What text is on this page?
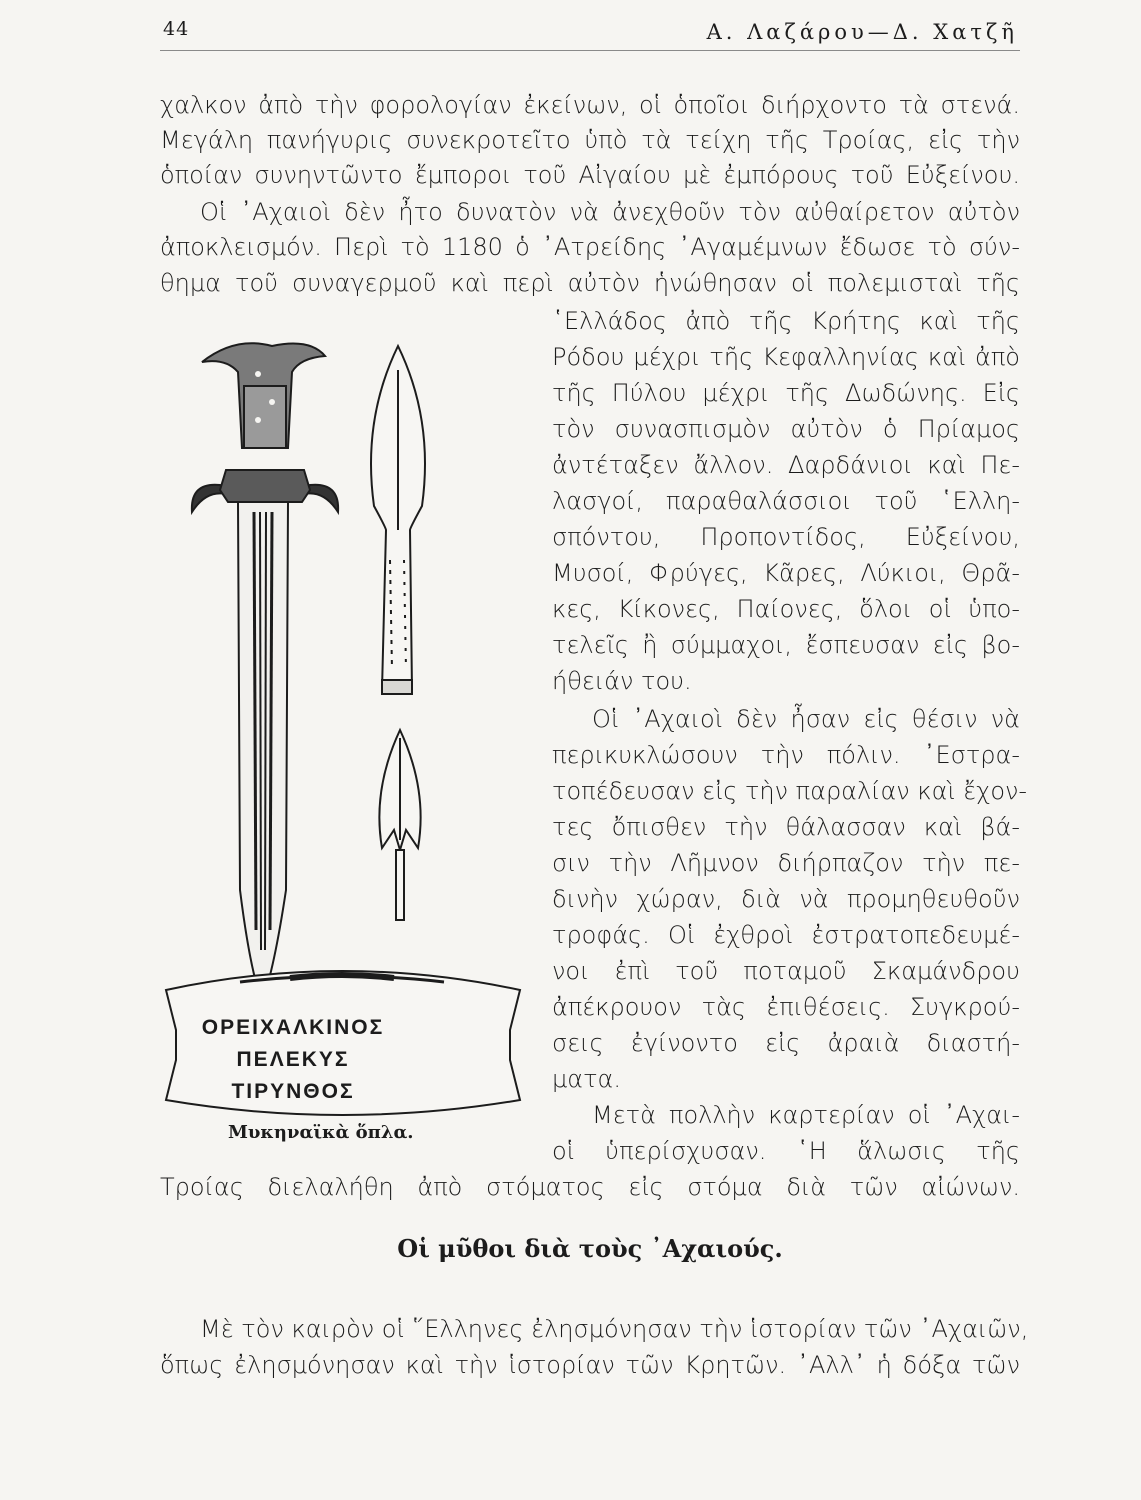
44	Α. Λαζάρου—Δ. Χατζῆ

χαλκον ἀπὸ τὴν φορολογίαν ἐκείνων, οἱ ὁποῖοι διήρχοντο τὰ στενά.

Μεγάλη πανήγυρις συνεκροτεῖτο ὑπὸ τὰ τείχη τῆς Τροίας, εἰς τὴν

ὁποίαν συνηντῶντο ἔμποροι τοῦ Αἰγαίου μὲ ἐμπόρους τοῦ Εὐξείνου.

Οἱ ᾿Αχαιοὶ δὲν ἦτο δυνατὸν νὰ ἀνεχθοῦν τὸν αὐθαίρετον αὐτὸν

ἀποκλεισμόν. Περὶ τὸ 1180 ὁ ᾿Ατρείδης ᾿Αγαμέμνων ἔδωσε τὸ σύν-

θημα τοῦ συναγερμοῦ καὶ περὶ αὐτὸν ἡνώθησαν οἱ πολεμισταὶ τῆς

῾Ελλάδος ἀπὸ τῆς Κρήτης καὶ τῆς

Ρόδου μέχρι τῆς Κεφαλληνίας καὶ ἀπὸ

τῆς Πύλου μέχρι τῆς Δωδώνης. Εἰς

τὸν συνασπισμὸν αὐτὸν ὁ Πρίαμος

ἀντέταξεν ἄλλον. Δαρδάνιοι καὶ Πε-

λασγοί, παραθαλάσσιοι τοῦ ῾Ελλη-

σπόντου, Προποντίδος, Εὐξείνου,

Μυσοί, Φρύγες, Κᾶρες, Λύκιοι, Θρᾶ-

κες, Κίκονες, Παίονες, ὅλοι οἱ ὑπο-

τελεῖς ἢ σύμμαχοι, ἔσπευσαν εἰς βο-

ήθειάν του.

Οἱ ᾿Αχαιοὶ δὲν ἦσαν εἰς θέσιν νὰ

περικυκλώσουν τὴν πόλιν. ᾿Εστρα-

τοπέδευσαν εἰς τὴν παραλίαν καὶ ἔχον-

τες ὄπισθεν τὴν θάλασσαν καὶ βά-

σιν τὴν Λῆμνον διήρπαζον τὴν πε-

δινὴν χώραν, διὰ νὰ προμηθευθοῦν

τροφάς. Οἱ ἐχθροὶ ἐστρατοπεδευμέ-

νοι ἐπὶ τοῦ ποταμοῦ Σκαμάνδρου

ἀπέκρουον τὰς ἐπιθέσεις. Συγκρού-

σεις ἐγίνοντο εἰς ἀραιὰ διαστή-

ματα.

Μετὰ πολλὴν καρτερίαν οἱ ᾿Αχαι-

οἱ ὑπερίσχυσαν. ῾Η ἅλωσις τῆς

Τροίας διελαλήθη ἀπὸ στόματος εἰς στόμα διὰ τῶν αἰώνων.

ΟΡΕΙΧΑΛΚΙΝΟΣ ΠΕΛΕΚΥΣ
ΤΙΡΥΝΘΟΣ
Μυκηναϊκὰ ὅπλα.
Οἱ μῦθοι διὰ τοὺς ᾿Αχαιούς.

Μὲ τὸν καιρὸν οἱ ῞Ελληνες ἐλησμόνησαν τὴν ἱστορίαν τῶν ᾿Αχαιῶν,

ὅπως ἐλησμόνησαν καὶ τὴν ἱστορίαν τῶν Κρητῶν. ᾿Αλλ᾿ ἡ δόξα τῶν
